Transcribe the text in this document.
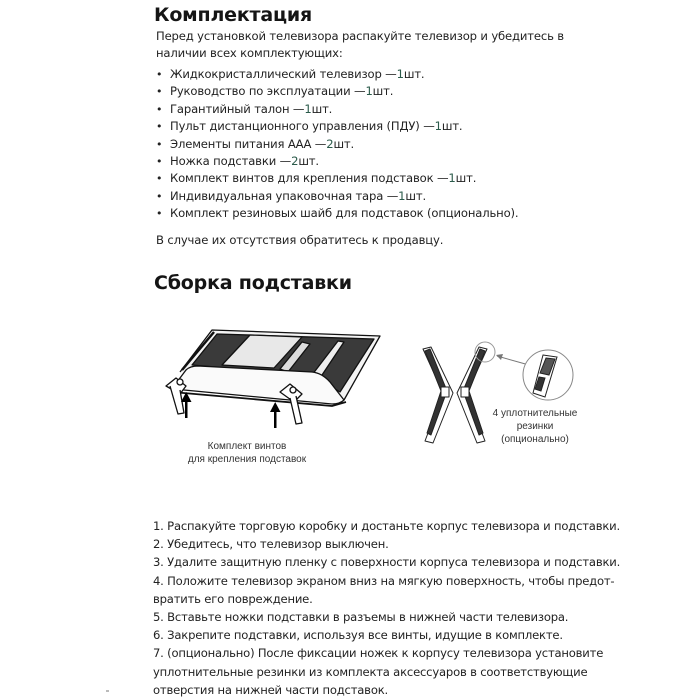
Комплектация
Перед установкой телевизора распакуйте телевизор и убедитесь в наличии всех комплектующих:
• Жидкокристаллический телевизор — 1 шт.
• Руководство по эксплуатации — 1 шт.
• Гарантийный талон — 1 шт.
• Пульт дистанционного управления (ПДУ) — 1 шт.
• Элементы питания ААА — 2 шт.
• Ножка подставки — 2 шт.
• Комплект винтов для крепления подставок — 1 шт.
• Индивидуальная упаковочная тара — 1 шт.
• Комплект резиновых шайб для подставок (опционально).
В случае их отсутствия обратитесь к продавцу.
Сборка подставки
Комплект винтов
для крепления подставок
4 уплотнительные
резинки
(опционально)
1. Распакуйте торговую коробку и достаньте корпус телевизора и подставки.
2. Убедитесь, что телевизор выключен.
3. Удалите защитную пленку с поверхности корпуса телевизора и подставки.
4. Положите телевизор экраном вниз на мягкую поверхность, чтобы предот-
вратить его повреждение.
5. Вставьте ножки подставки в разъемы в нижней части телевизора.
6. Закрепите подставки, используя все винты, идущие в комплекте.
7. (опционально) После фиксации ножек к корпусу телевизора установите
уплотнительные резинки из комплекта аксессуаров в соответствующие
отверстия на нижней части подставок.
